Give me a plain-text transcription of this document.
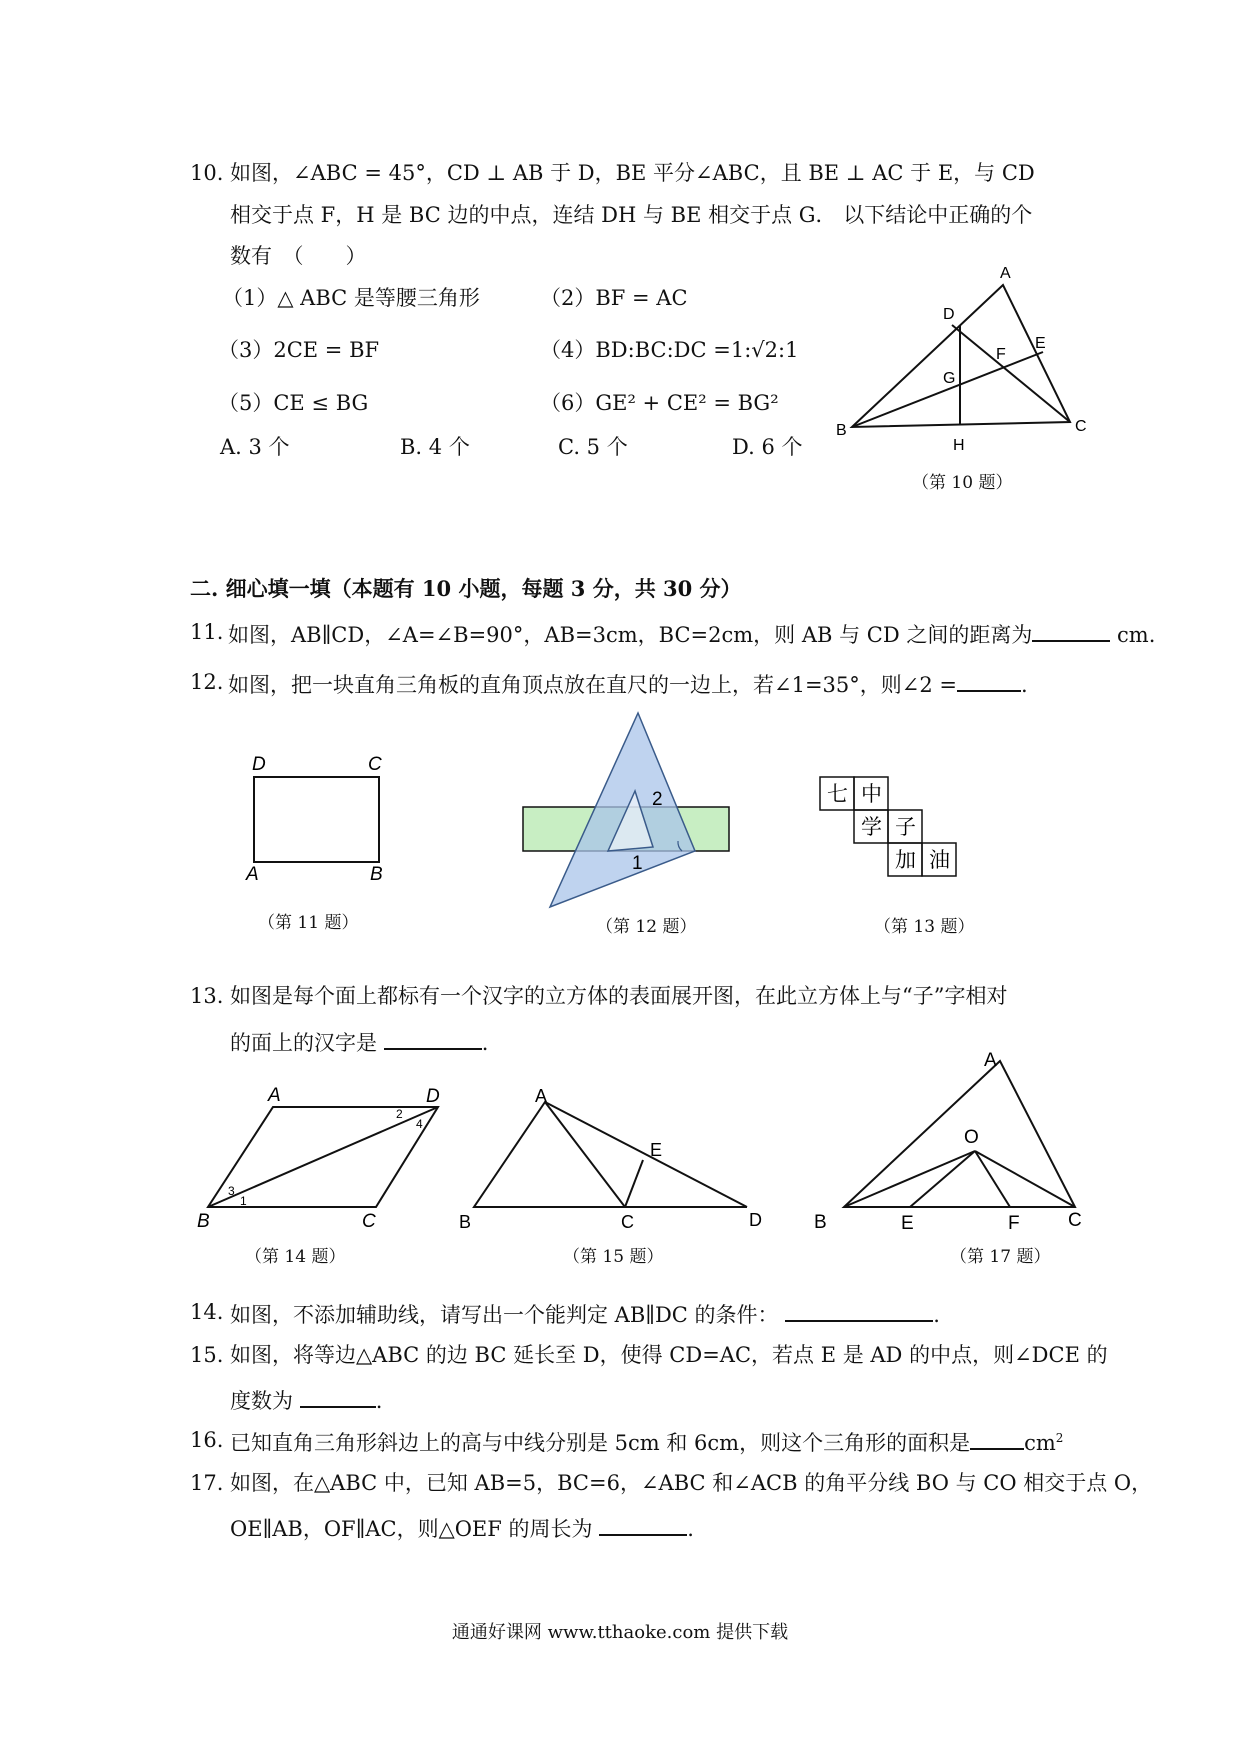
10. 如图，∠ABC = 45°，CD ⊥ AB 于 D，BE 平分∠ABC，且 BE ⊥ AC 于 E，与 CD
相交于点 F，H 是 BC 边的中点，连结 DH 与 BE 相交于点 G． 以下结论中正确的个
数有　（　　）
（1）△ ABC 是等腰三角形	（2）BF = AC
（3）2CE = BF	（4）BD:BC:DC =1:√2:1
（5）CE ≤ BG	（6）GE² + CE² = BG²
A. 3 个	B. 4 个	C. 5 个	D. 6 个
A
B	C
D
E
F
G
H
（第 10 题）
二. 细心填一填（本题有 10 小题，每题 3 分，共 30 分）
11. 如图，AB∥CD，∠A=∠B=90°，AB=3cm，BC=2cm，则 AB 与 CD 之间的距离为	cm.
12. 如图，把一块直角三角板的直角顶点放在直尺的一边上，若∠1=35°，则∠2 =	.
D	C
A	B
（第 11 题）
1
2
（第 12 题）
七 中
学 子
加 油
（第 13 题）
13. 如图是每个面上都标有一个汉字的立方体的表面展开图，在此立方体上与“子”字相对
的面上的汉字是	.
A	D
B	C
1
2
3
4
（第 14 题）
A
B	C	D
E
（第 15 题）
A
B	C
E	F
O
（第 17 题）
14. 如图，不添加辅助线，请写出一个能判定 AB∥DC 的条件：	.
15. 如图，将等边△ABC 的边 BC 延长至 D，使得 CD=AC，若点 E 是 AD 的中点，则∠DCE 的
度数为	.
16. 已知直角三角形斜边上的高与中线分别是 5cm 和 6cm，则这个三角形的面积是	$cm^2$
17. 如图，在△ABC 中，已知 AB=5，BC=6，∠ABC 和∠ACB 的角平分线 BO 与 CO 相交于点 O，
OE∥AB，OF∥AC，则△OEF 的周长为	.
通通好课网 www.tthaoke.com 提供下载
